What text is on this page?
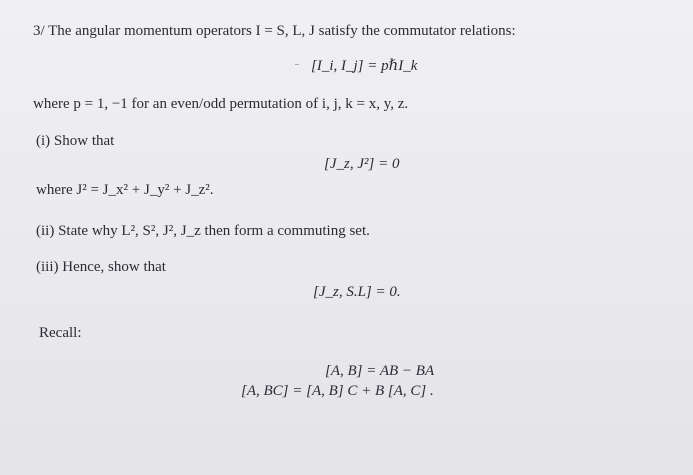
3/ The angular momentum operators I = S, L, J satisfy the commutator relations:
[I_i, I_j] = pℏI_k
where p = 1, −1 for an even/odd permutation of i, j, k = x, y, z.
(i) Show that
[J_z, J²] = 0
where J² = J_x² + J_y² + J_z².
(ii) State why L², S², J², J_z then form a commuting set.
(iii) Hence, show that
[J_z, S.L] = 0.
Recall:
[A, B] = AB − BA
[A, BC] = [A, B] C + B [A, C] .
